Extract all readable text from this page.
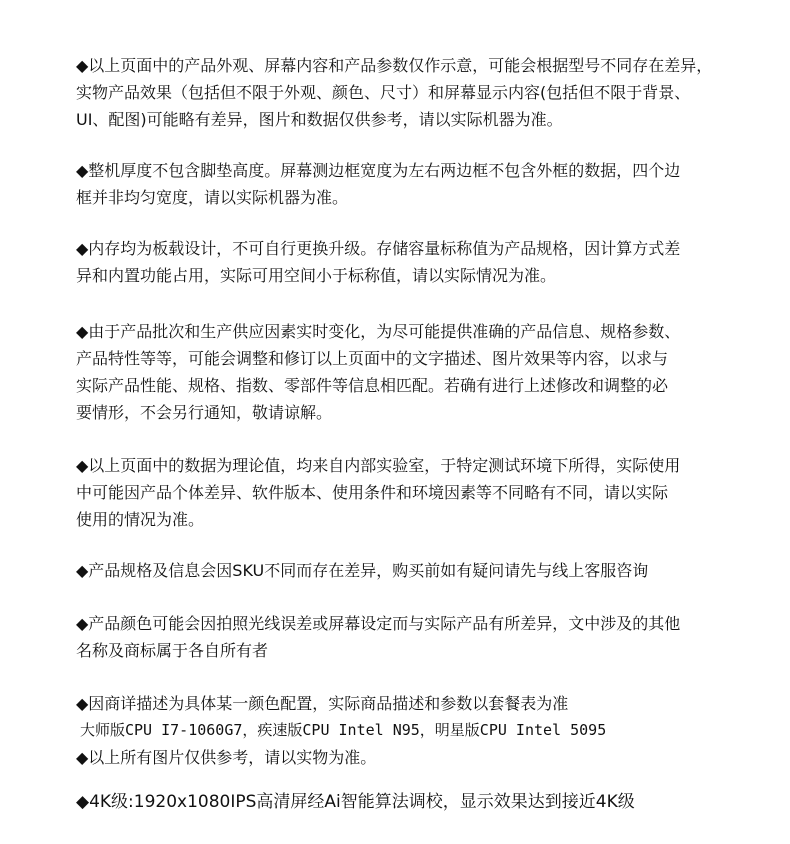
◆以上页面中的产品外观、屏幕内容和产品参数仅作示意，可能会根据型号不同存在差异，
实物产品效果（包括但不限于外观、颜色、尺寸）和屏幕显示内容(包括但不限于背景、
UI、配图)可能略有差异，图片和数据仅供参考，请以实际机器为准。
◆整机厚度不包含脚垫高度。屏幕测边框宽度为左右两边框不包含外框的数据，四个边
框并非均匀宽度，请以实际机器为准。
◆内存均为板载设计，不可自行更换升级。存储容量标称值为产品规格，因计算方式差
异和内置功能占用，实际可用空间小于标称值，请以实际情况为准。
◆由于产品批次和生产供应因素实时变化，为尽可能提供准确的产品信息、规格参数、
产品特性等等，可能会调整和修订以上页面中的文字描述、图片效果等内容，以求与
实际产品性能、规格、指数、零部件等信息相匹配。若确有进行上述修改和调整的必
要情形，不会另行通知，敬请谅解。
◆以上页面中的数据为理论值，均来自内部实验室，于特定测试环境下所得，实际使用
中可能因产品个体差异、软件版本、使用条件和环境因素等不同略有不同，请以实际
使用的情况为准。
◆产品规格及信息会因SKU不同而存在差异，购买前如有疑问请先与线上客服咨询
◆产品颜色可能会因拍照光线误差或屏幕设定而与实际产品有所差异，文中涉及的其他
名称及商标属于各自所有者
◆因商详描述为具体某一颜色配置，实际商品描述和参数以套餐表为准
大师版CPU I7-1060G7，疾速版CPU Intel N95，明星版CPU Intel 5095
◆以上所有图片仅供参考，请以实物为准。
◆4K级:1920x1080IPS高清屏经Ai智能算法调校，显示效果达到接近4K级
